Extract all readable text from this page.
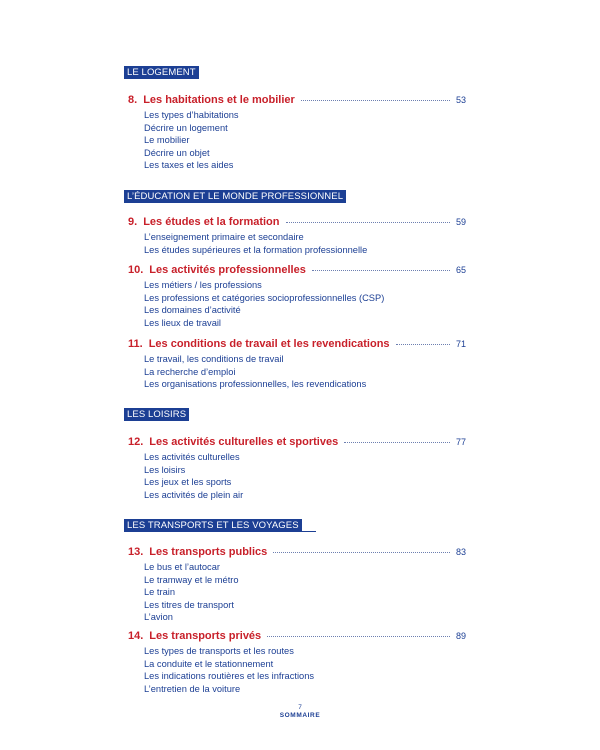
LE LOGEMENT
8. Les habitations et le mobilier	53
Les types d’habitations
Décrire un logement
Le mobilier
Décrire un objet
Les taxes et les aides
L’ÉDUCATION ET LE MONDE PROFESSIONNEL
9. Les études et la formation	59
L’enseignement primaire et secondaire
Les études supérieures et la formation professionnelle
10. Les activités professionnelles	65
Les métiers / les professions
Les professions et catégories socioprofessionnelles (CSP)
Les domaines d’activité
Les lieux de travail
11. Les conditions de travail et les revendications	71
Le travail, les conditions de travail
La recherche d’emploi
Les organisations professionnelles, les revendications
LES LOISIRS
12. Les activités culturelles et sportives	77
Les activités culturelles
Les loisirs
Les jeux et les sports
Les activités de plein air
LES TRANSPORTS ET LES VOYAGES
13. Les transports publics	83
Le bus et l’autocar
Le tramway et le métro
Le train
Les titres de transport
L’avion
14. Les transports privés	89
Les types de transports et les routes
La conduite et le stationnement
Les indications routières et les infractions
L’entretien de la voiture
7
SOMMAIRE
